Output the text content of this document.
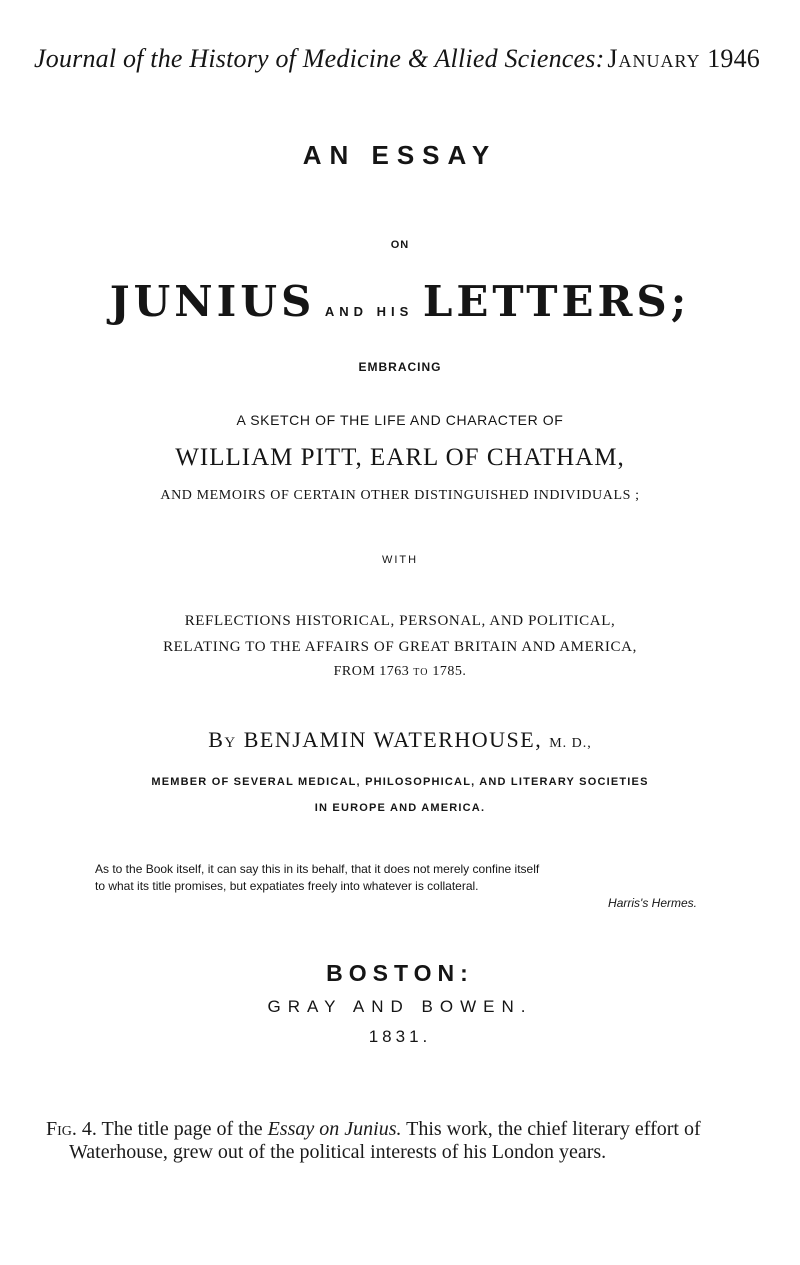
Journal of the History of Medicine & Allied Sciences: January 1946
AN ESSAY
ON
JUNIUS AND HIS LETTERS;
EMBRACING
A SKETCH OF THE LIFE AND CHARACTER OF
WILLIAM PITT, EARL OF CHATHAM,
AND MEMOIRS OF CERTAIN OTHER DISTINGUISHED INDIVIDUALS ;
WITH
REFLECTIONS HISTORICAL, PERSONAL, AND POLITICAL,
RELATING TO THE AFFAIRS OF GREAT BRITAIN AND AMERICA,
FROM 1763 TO 1785.
By BENJAMIN WATERHOUSE, M. D.,
MEMBER OF SEVERAL MEDICAL, PHILOSOPHICAL, AND LITERARY SOCIETIES
IN EUROPE AND AMERICA.
As to the Book itself, it can say this in its behalf, that it does not merely confine itself
to what its title promises, but expatiates freely into whatever is collateral.
Harris's Hermes.
BOSTON:
GRAY AND BOWEN.
1831.
Fig. 4. The title page of the Essay on Junius. This work, the chief literary effort of
Waterhouse, grew out of the political interests of his London years.
